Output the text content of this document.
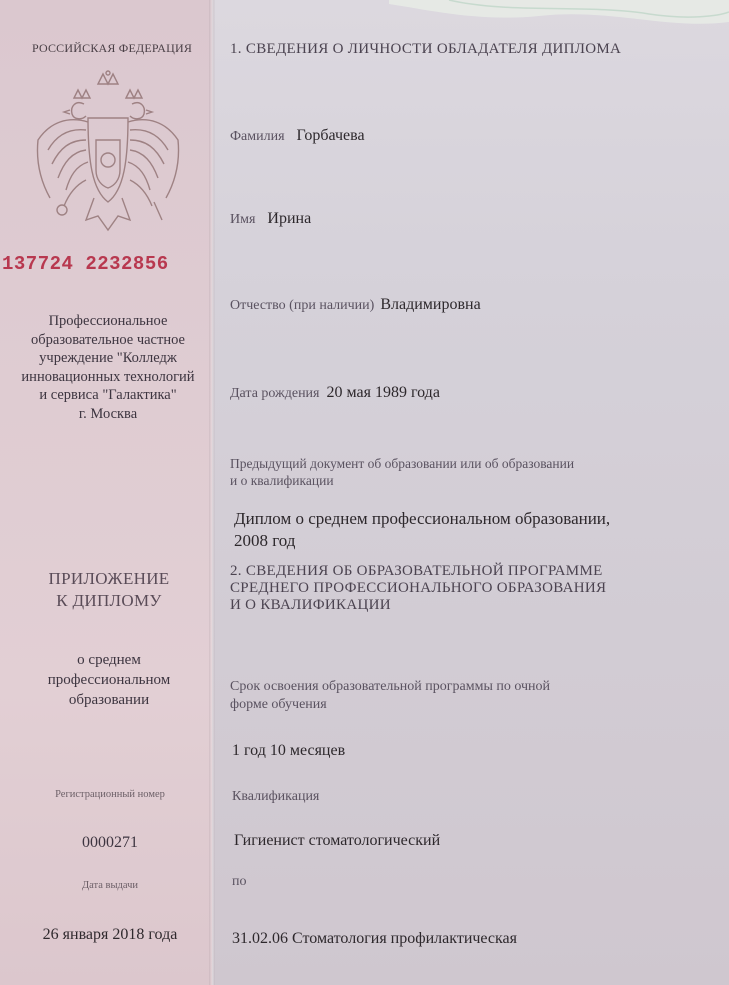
РОССИЙСКАЯ ФЕДЕРАЦИЯ
137724 2232856
Профессиональное
образовательное частное
учреждение "Колледж
инновационных технологий
и сервиса "Галактика"
г. Москва
ПРИЛОЖЕНИЕ
К ДИПЛОМУ
о среднем
профессиональном
образовании
Регистрационный номер
0000271
Дата выдачи
26 января 2018 года
1. СВЕДЕНИЯ О ЛИЧНОСТИ ОБЛАДАТЕЛЯ ДИПЛОМА
Фамилия Горбачева
Имя Ирина
Отчество (при наличии) Владимировна
Дата рождения 20 мая 1989 года
Предыдущий документ об образовании или об образовании
и о квалификации
Диплом о среднем профессиональном образовании,
2008 год
2. СВЕДЕНИЯ ОБ ОБРАЗОВАТЕЛЬНОЙ ПРОГРАММЕ
СРЕДНЕГО ПРОФЕССИОНАЛЬНОГО ОБРАЗОВАНИЯ
И О КВАЛИФИКАЦИИ
Срок освоения образовательной программы по очной
форме обучения
1 год 10 месяцев
Квалификация
Гигиенист стоматологический
по
31.02.06 Стоматология профилактическая
